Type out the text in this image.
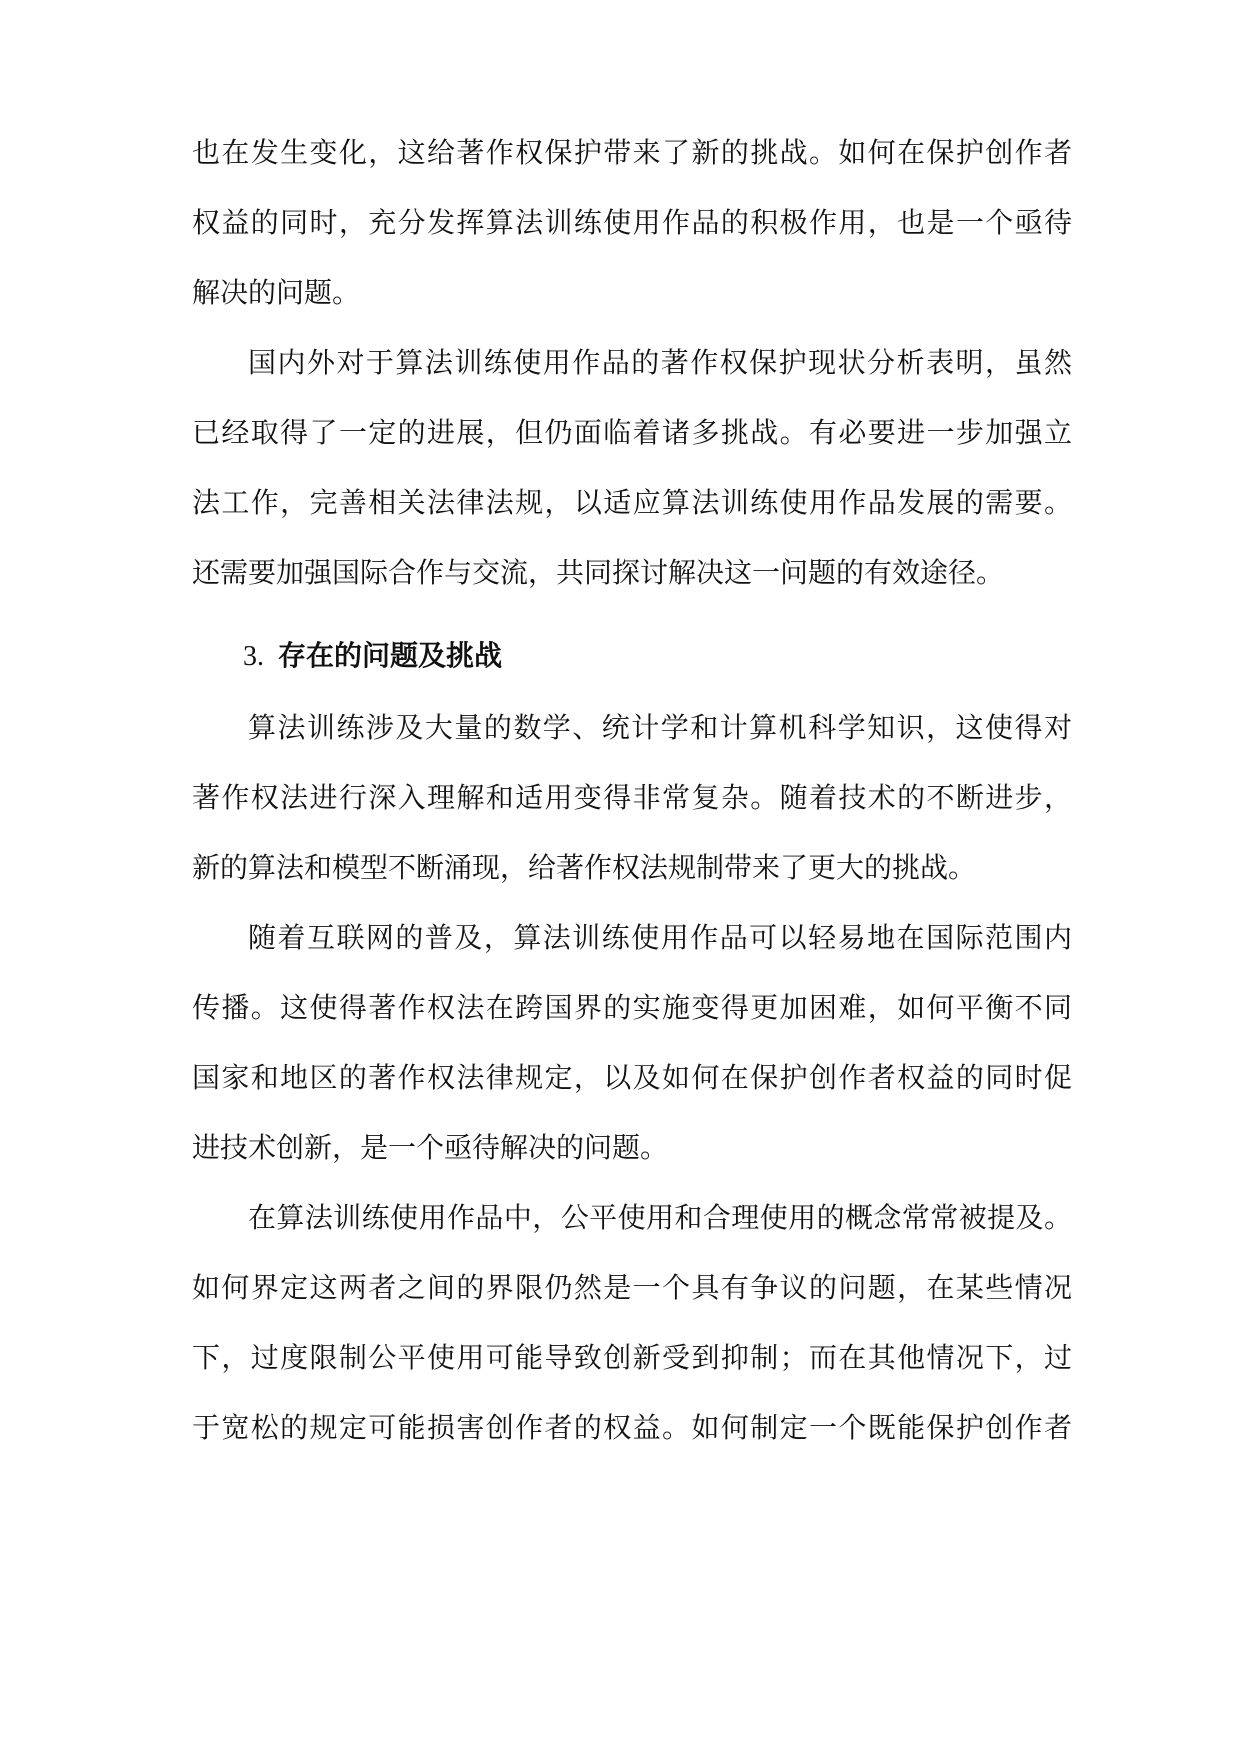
也在发生变化，这给著作权保护带来了新的挑战。如何在保护创作者
权益的同时，充分发挥算法训练使用作品的积极作用，也是一个亟待
解决的问题。
国内外对于算法训练使用作品的著作权保护现状分析表明，虽然
已经取得了一定的进展，但仍面临着诸多挑战。有必要进一步加强立
法工作，完善相关法律法规，以适应算法训练使用作品发展的需要。
还需要加强国际合作与交流，共同探讨解决这一问题的有效途径。
3. 存在的问题及挑战
算法训练涉及大量的数学、统计学和计算机科学知识，这使得对
著作权法进行深入理解和适用变得非常复杂。随着技术的不断进步，
新的算法和模型不断涌现，给著作权法规制带来了更大的挑战。
随着互联网的普及，算法训练使用作品可以轻易地在国际范围内
传播。这使得著作权法在跨国界的实施变得更加困难，如何平衡不同
国家和地区的著作权法律规定，以及如何在保护创作者权益的同时促
进技术创新，是一个亟待解决的问题。
在算法训练使用作品中，公平使用和合理使用的概念常常被提及。
如何界定这两者之间的界限仍然是一个具有争议的问题，在某些情况
下，过度限制公平使用可能导致创新受到抑制；而在其他情况下，过
于宽松的规定可能损害创作者的权益。如何制定一个既能保护创作者
